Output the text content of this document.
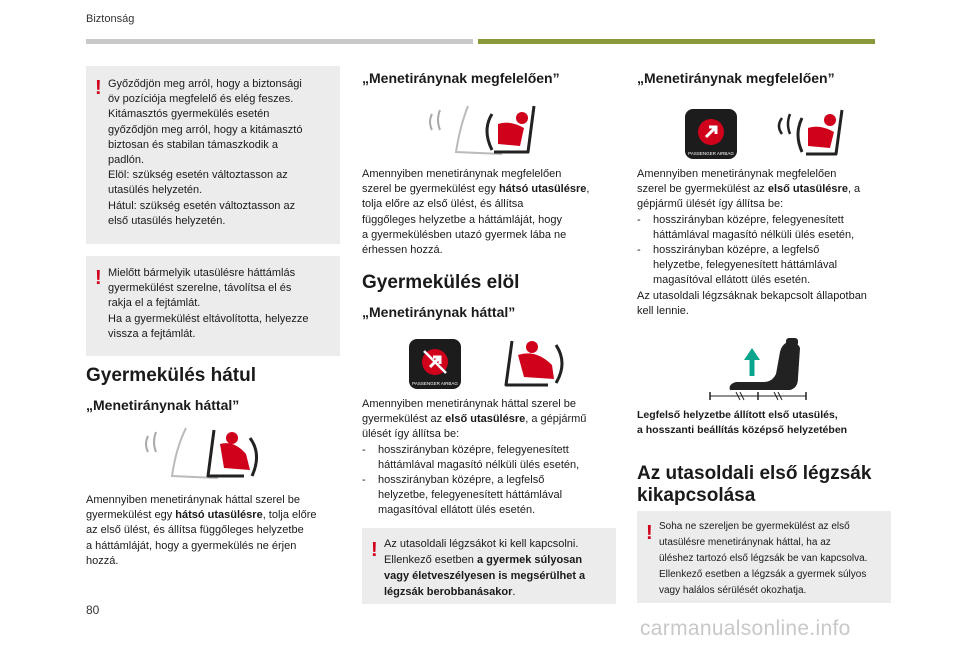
Biztonság
! Győződjön meg arról, hogy a biztonsági

öv pozíciója megfelelő és elég feszes.

Kitámasztós gyermekülés esetén

győződjön meg arról, hogy a kitámasztó

biztosan és stabilan támaszkodik a

padlón.

Elöl: szükség esetén változtasson az

utasülés helyzetén.

Hátul: szükség esetén változtasson az

első utasülés helyzetén.

! Mielőtt bármelyik utasülésre háttámlás

gyermekülést szerelne, távolítsa el és

rakja el a fejtámlát.

Ha a gyermekülést eltávolította, helyezze

vissza a fejtámlát.

Gyermekülés hátul
„Menetiránynak háttal”

Amennyiben menetiránynak háttal szerel be

gyermekülést egy hátsó utasülésre, tolja előre

az első ülést, és állítsa függőleges helyzetbe

a háttámláját, hogy a gyermekülés ne érjen

hozzá.

„Menetiránynak megfelelően”

Amennyiben menetiránynak megfelelően

szerel be gyermekülést egy hátsó utasülésre,

tolja előre az első ülést, és állítsa

függőleges helyzetbe a háttámláját, hogy

a gyermekülésben utazó gyermek lába ne

érhessen hozzá.

Gyermekülés elöl
„Menetiránynak háttal”
PASSENGER AIRBAG

Amennyiben menetiránynak háttal szerel be

gyermekülést az első utasülésre, a gépjármű

ülését így állítsa be:

- hosszirányban középre, felegyenesített

háttámlával magasító nélküli ülés esetén,

- hosszirányban középre, a legfelső

helyzetbe, felegyenesített háttámlával

magasítóval ellátott ülés esetén.

! Az utasoldali légzsákot ki kell kapcsolni.

Ellenkező esetben a gyermek súlyosan

vagy életveszélyesen is megsérülhet a

légzsák berobbanásakor.

„Menetiránynak megfelelően”
PASSENGER AIRBAG

Amennyiben menetiránynak megfelelően

szerel be gyermekülést az első utasülésre, a

gépjármű ülését így állítsa be:

- hosszirányban középre, felegyenesített

háttámlával magasító nélküli ülés esetén,

- hosszirányban középre, a legfelső

helyzetbe, felegyenesített háttámlával

magasítóval ellátott ülés esetén.

Az utasoldali légzsáknak bekapcsolt állapotban

kell lennie.

Legfelső helyzetbe állított első utasülés,
a hosszanti beállítás középső helyzetében
Az utasoldali első légzsák
kikapcsolása
! Soha ne szereljen be gyermekülést az első

utasülésre menetiránynak háttal, ha az

üléshez tartozó első légzsák be van kapcsolva.

Ellenkező esetben a légzsák a gyermek súlyos

vagy halálos sérülését okozhatja.

80
carmanualsonline.info
